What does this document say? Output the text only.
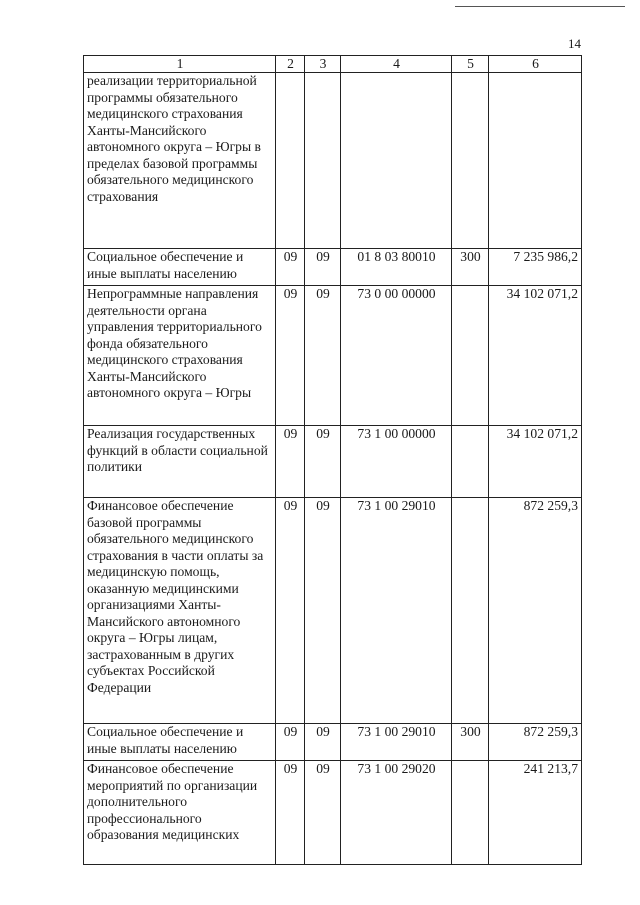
14
1	2	3	4	5	6
реализации территориальной программы обязательного медицинского страхования Ханты-Мансийского автономного округа – Югры в пределах базовой программы обязательного медицинского страхования					
Социальное обеспечение и иные выплаты населению	09	09	01 8 03 80010	300	7 235 986,2
Непрограммные направления деятельности органа управления территориального фонда обязательного медицинского страхования Ханты-Мансийского автономного округа – Югры	09	09	73 0 00 00000		34 102 071,2
Реализация государственных функций в области социальной политики	09	09	73 1 00 00000		34 102 071,2
Финансовое обеспечение базовой программы обязательного медицинского страхования в части оплаты за медицинскую помощь, оказанную медицинскими организациями Ханты-Мансийского автономного округа – Югры лицам, застрахованным в других субъектах Российской Федерации	09	09	73 1 00 29010		872 259,3
Социальное обеспечение и иные выплаты населению	09	09	73 1 00 29010	300	872 259,3
Финансовое обеспечение мероприятий по организации дополнительного профессионального образования медицинских	09	09	73 1 00 29020		241 213,7
